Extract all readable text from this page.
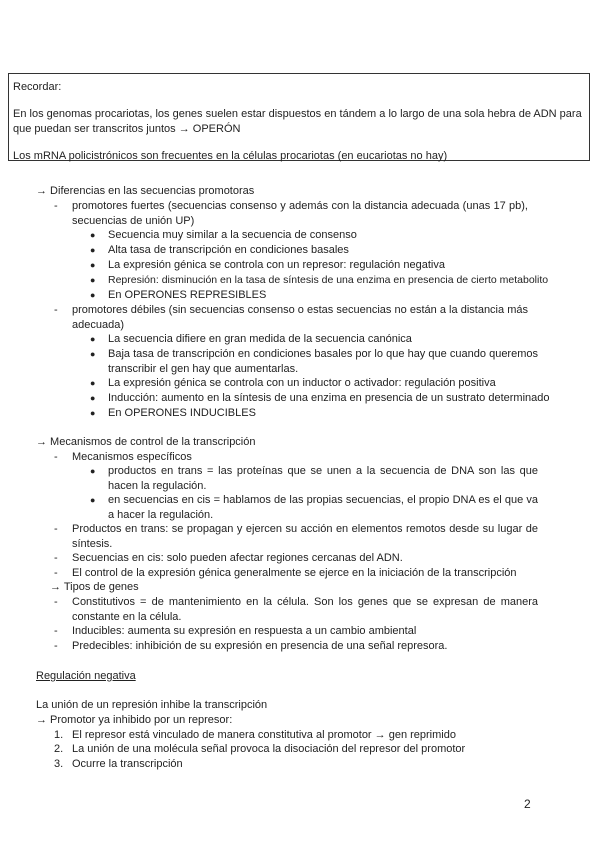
Recordar:

En los genomas procariotas, los genes suelen estar dispuestos en tándem a lo largo de una sola hebra de ADN para que puedan ser transcritos juntos → OPERÓN

Los mRNA policistrónicos son frecuentes en la células procariotas (en eucariotas no hay)

→ Diferencias en las secuencias promotoras
- promotores fuertes (secuencias consenso y además con la distancia adecuada (unas 17 pb), secuencias de unión UP)
● Secuencia muy similar a la secuencia de consenso
● Alta tasa de transcripción en condiciones basales
● La expresión génica se controla con un represor: regulación negativa
● Represión: disminución en la tasa de síntesis de una enzima en presencia de cierto metabolito
● En OPERONES REPRESIBLES
- promotores débiles (sin secuencias consenso o estas secuencias no están a la distancia más adecuada)
● La secuencia difiere en gran medida de la secuencia canónica
● Baja tasa de transcripción en condiciones basales por lo que hay que cuando queremos transcribir el gen hay que aumentarlas.
● La expresión génica se controla con un inductor o activador: regulación positiva
● Inducción: aumento en la síntesis de una enzima en presencia de un sustrato determinado
● En OPERONES INDUCIBLES
→ Mecanismos de control de la transcripción
- Mecanismos específicos
● productos en trans = las proteínas que se unen a la secuencia de DNA son las que hacen la regulación.
● en secuencias en cis = hablamos de las propias secuencias, el propio DNA es el que va a hacer la regulación.
- Productos en trans: se propagan y ejercen su acción en elementos remotos desde su lugar de síntesis.
- Secuencias en cis: solo pueden afectar regiones cercanas del ADN.
- El control de la expresión génica generalmente se ejerce en la iniciación de la transcripción
→ Tipos de genes
- Constitutivos = de mantenimiento en la célula. Son los genes que se expresan de manera constante en la célula.
- Inducibles: aumenta su expresión en respuesta a un cambio ambiental
- Predecibles: inhibición de su expresión en presencia de una señal represora.
Regulación negativa
La unión de un represión inhibe la transcripción
→ Promotor ya inhibido por un represor:
1. El represor está vinculado de manera constitutiva al promotor → gen reprimido
2. La unión de una molécula señal provoca la disociación del represor del promotor
3. Ocurre la transcripción
2
